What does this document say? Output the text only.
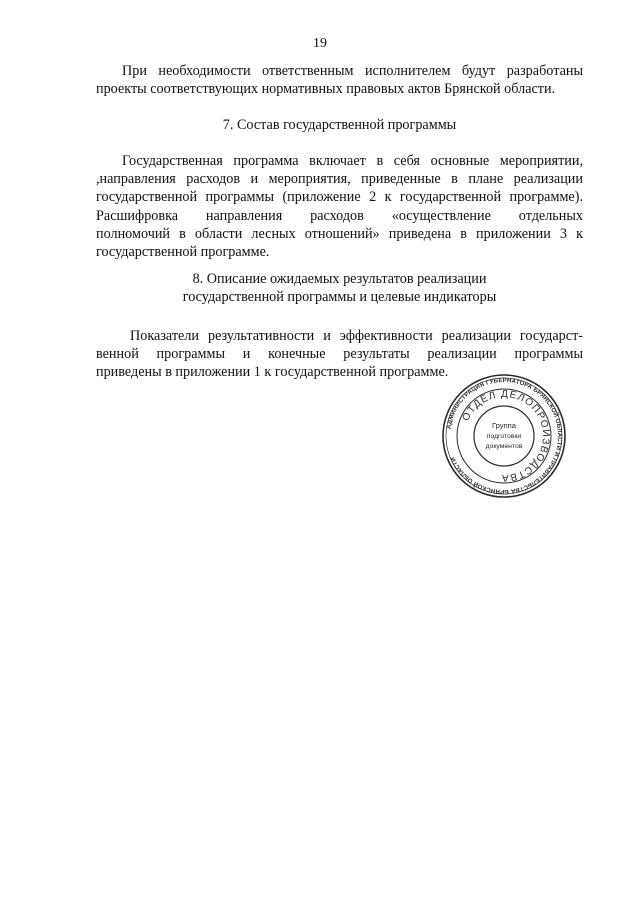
19

При необходимости ответственным исполнителем будут разработаны
проекты соответствующих нормативных правовых актов Брянской области.

7. Состав государственной программы

Государственная программа включает в себя основные мероприятии,
,направления расходов и мероприятия, приведенные в плане реализации
государственной программы (приложение 2 к государственной программе).
Расшифровка направления расходов «осуществление отдельных
полномочий в области лесных отношений» приведена в приложении 3 к
государственной программе.

8. Описание ожидаемых результатов реализации
государственной программы и целевые индикаторы

Показатели результативности и эффективности реализации государст-
венной программы и конечные результаты реализации программы
приведены в приложении 1 к государственной программе.

АДМИНИСТРАЦИЯ ГУБЕРНАТОРА БРЯНСКОЙ ОБЛАСТИ И ПРАВИТЕЛЬСТВА БРЯНСКОЙ ОБЛАСТИ
ОТДЕЛ ДЕЛОПРОИЗВОДСТВА
Группа
подготовки
документов
